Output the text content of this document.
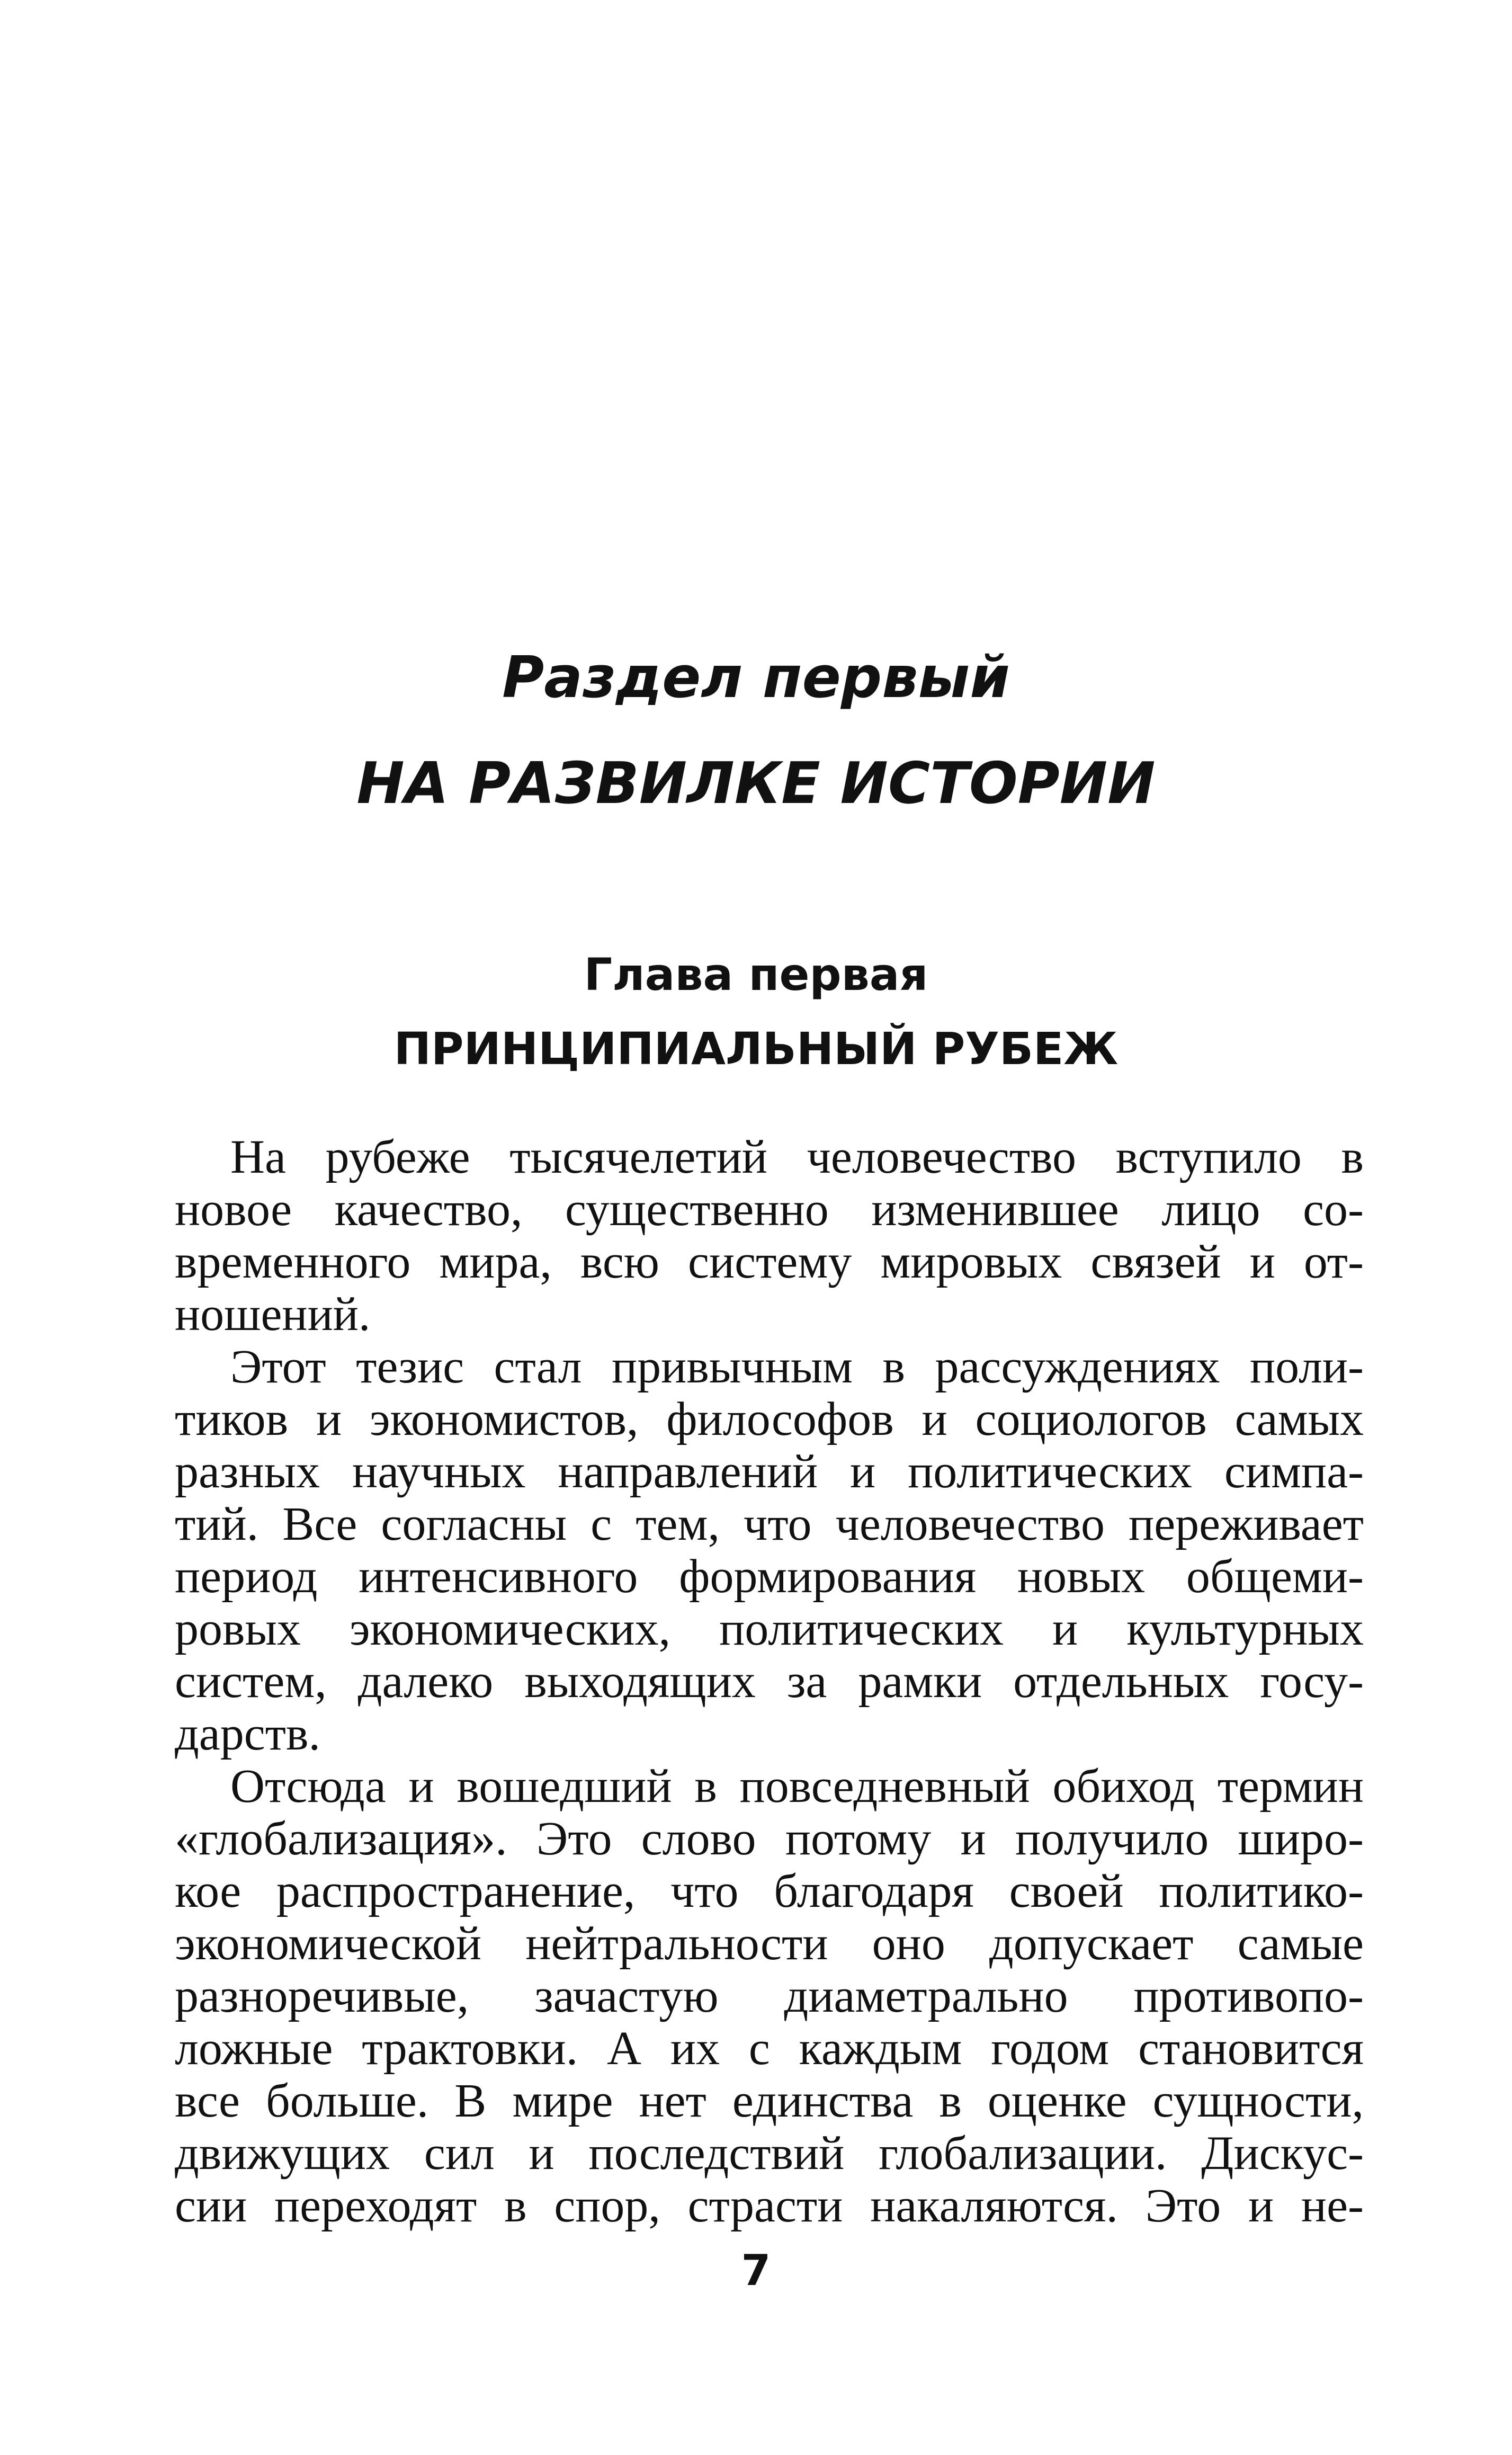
Раздел первый
НА РАЗВИЛКЕ ИСТОРИИ
Глава первая
ПРИНЦИПИАЛЬНЫЙ РУБЕЖ
На рубеже тысячелетий человечество вступило в
новое качество, существенно изменившее лицо со-
временного мира, всю систему мировых связей и от-
ношений.
Этот тезис стал привычным в рассуждениях поли-
тиков и экономистов, философов и социологов самых
разных научных направлений и политических симпа-
тий. Все согласны с тем, что человечество переживает
период интенсивного формирования новых общеми-
ровых экономических, политических и культурных
систем, далеко выходящих за рамки отдельных госу-
дарств.
Отсюда и вошедший в повседневный обиход термин
«глобализация». Это слово потому и получило широ-
кое распространение, что благодаря своей политико-
экономической нейтральности оно допускает самые
разноречивые, зачастую диаметрально противопо-
ложные трактовки. А их с каждым годом становится
все больше. В мире нет единства в оценке сущности,
движущих сил и последствий глобализации. Дискус-
сии переходят в спор, страсти накаляются. Это и не-
7
